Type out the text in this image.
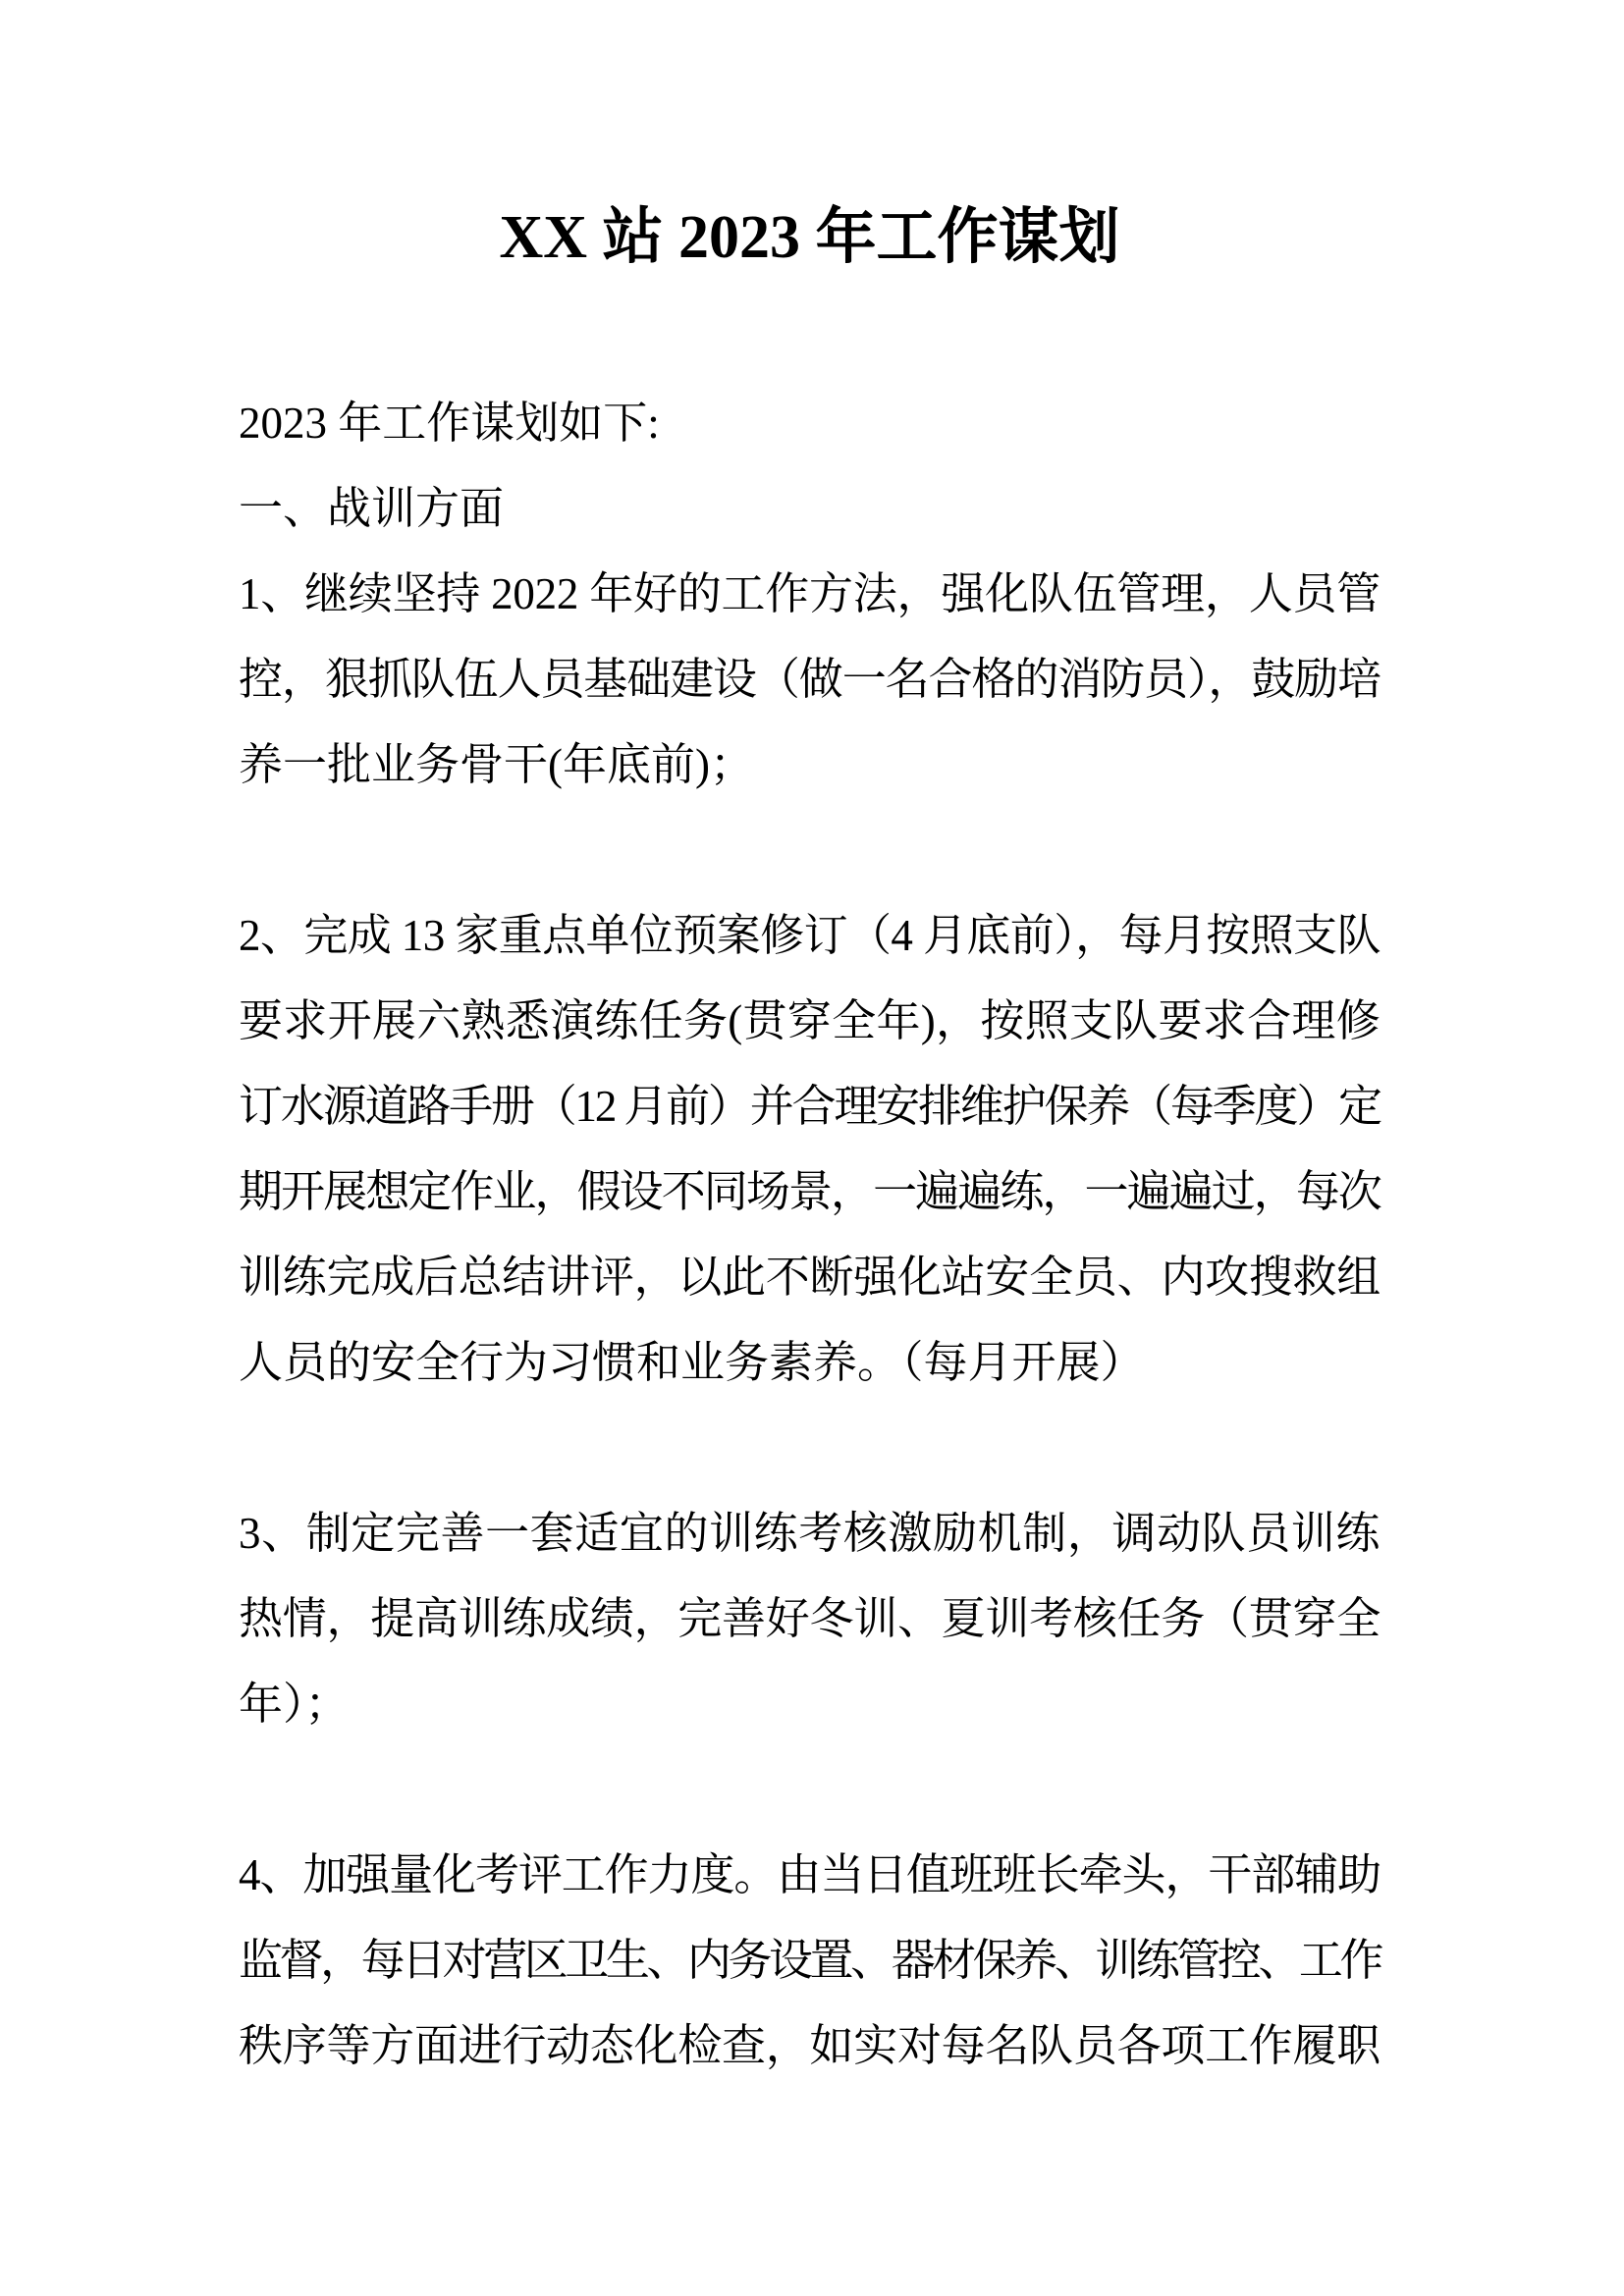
XX 站 2023 年工作谋划
2023 年工作谋划如下:
一、战训方面
1、继续坚持 2022 年好的工作方法，强化队伍管理，人员管
控，狠抓队伍人员基础建设（做一名合格的消防员），鼓励培
养一批业务骨干(年底前)；
2、完成 13 家重点单位预案修订（4 月底前），每月按照支队
要求开展六熟悉演练任务(贯穿全年)，按照支队要求合理修
订水源道路手册（12 月前）并合理安排维护保养（每季度）定
期开展想定作业，假设不同场景，一遍遍练，一遍遍过，每次
训练完成后总结讲评，以此不断强化站安全员、内攻搜救组
人员的安全行为习惯和业务素养。（每月开展）
3、制定完善一套适宜的训练考核激励机制，调动队员训练
热情，提高训练成绩，完善好冬训、夏训考核任务（贯穿全
年）；
4、加强量化考评工作力度。由当日值班班长牵头，干部辅助
监督，每日对营区卫生、内务设置、器材保养、训练管控、工作
秩序等方面进行动态化检查，如实对每名队员各项工作履职
